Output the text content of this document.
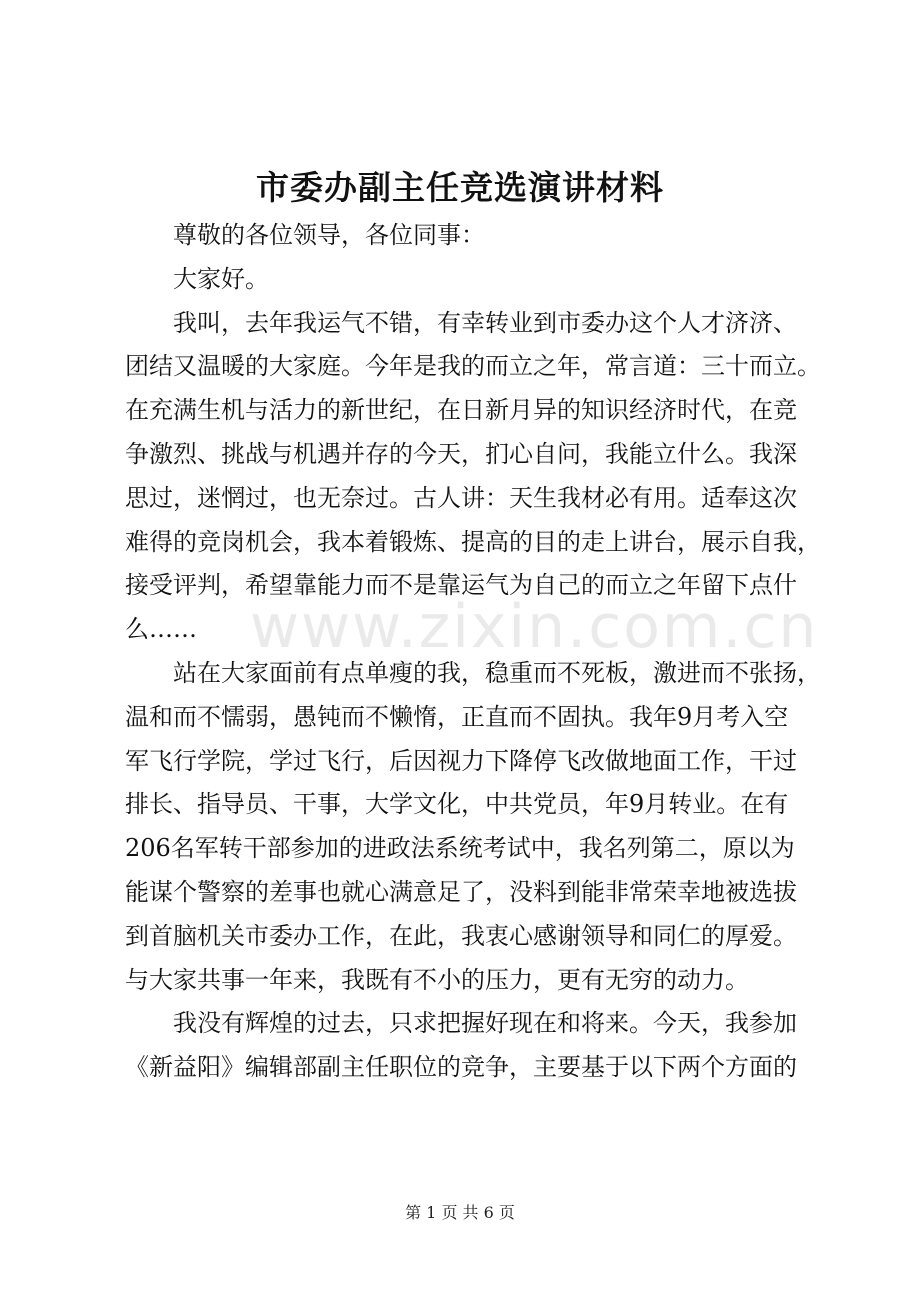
市委办副主任竞选演讲材料

尊敬的各位领导，各位同事：

大家好。

我叫，去年我运气不错，有幸转业到市委办这个人才济济、
团结又温暖的大家庭。今年是我的而立之年，常言道：三十而立。
在充满生机与活力的新世纪，在日新月异的知识经济时代，在竞
争激烈、挑战与机遇并存的今天，扪心自问，我能立什么。我深
思过，迷惘过，也无奈过。古人讲：天生我材必有用。适奉这次
难得的竞岗机会，我本着锻炼、提高的目的走上讲台，展示自我，
接受评判，希望靠能力而不是靠运气为自己的而立之年留下点什
么……

站在大家面前有点单瘦的我，稳重而不死板，激进而不张扬，
温和而不懦弱，愚钝而不懒惰，正直而不固执。我年9月考入空
军飞行学院，学过飞行，后因视力下降停飞改做地面工作，干过
排长、指导员、干事，大学文化，中共党员，年9月转业。在有
206名军转干部参加的进政法系统考试中，我名列第二，原以为
能谋个警察的差事也就心满意足了，没料到能非常荣幸地被选拔
到首脑机关市委办工作，在此，我衷心感谢领导和同仁的厚爱。
与大家共事一年来，我既有不小的压力，更有无穷的动力。

我没有辉煌的过去，只求把握好现在和将来。今天，我参加
《新益阳》编辑部副主任职位的竞争，主要基于以下两个方面的

www.zixin.com.cn
第 1 页 共 6 页
